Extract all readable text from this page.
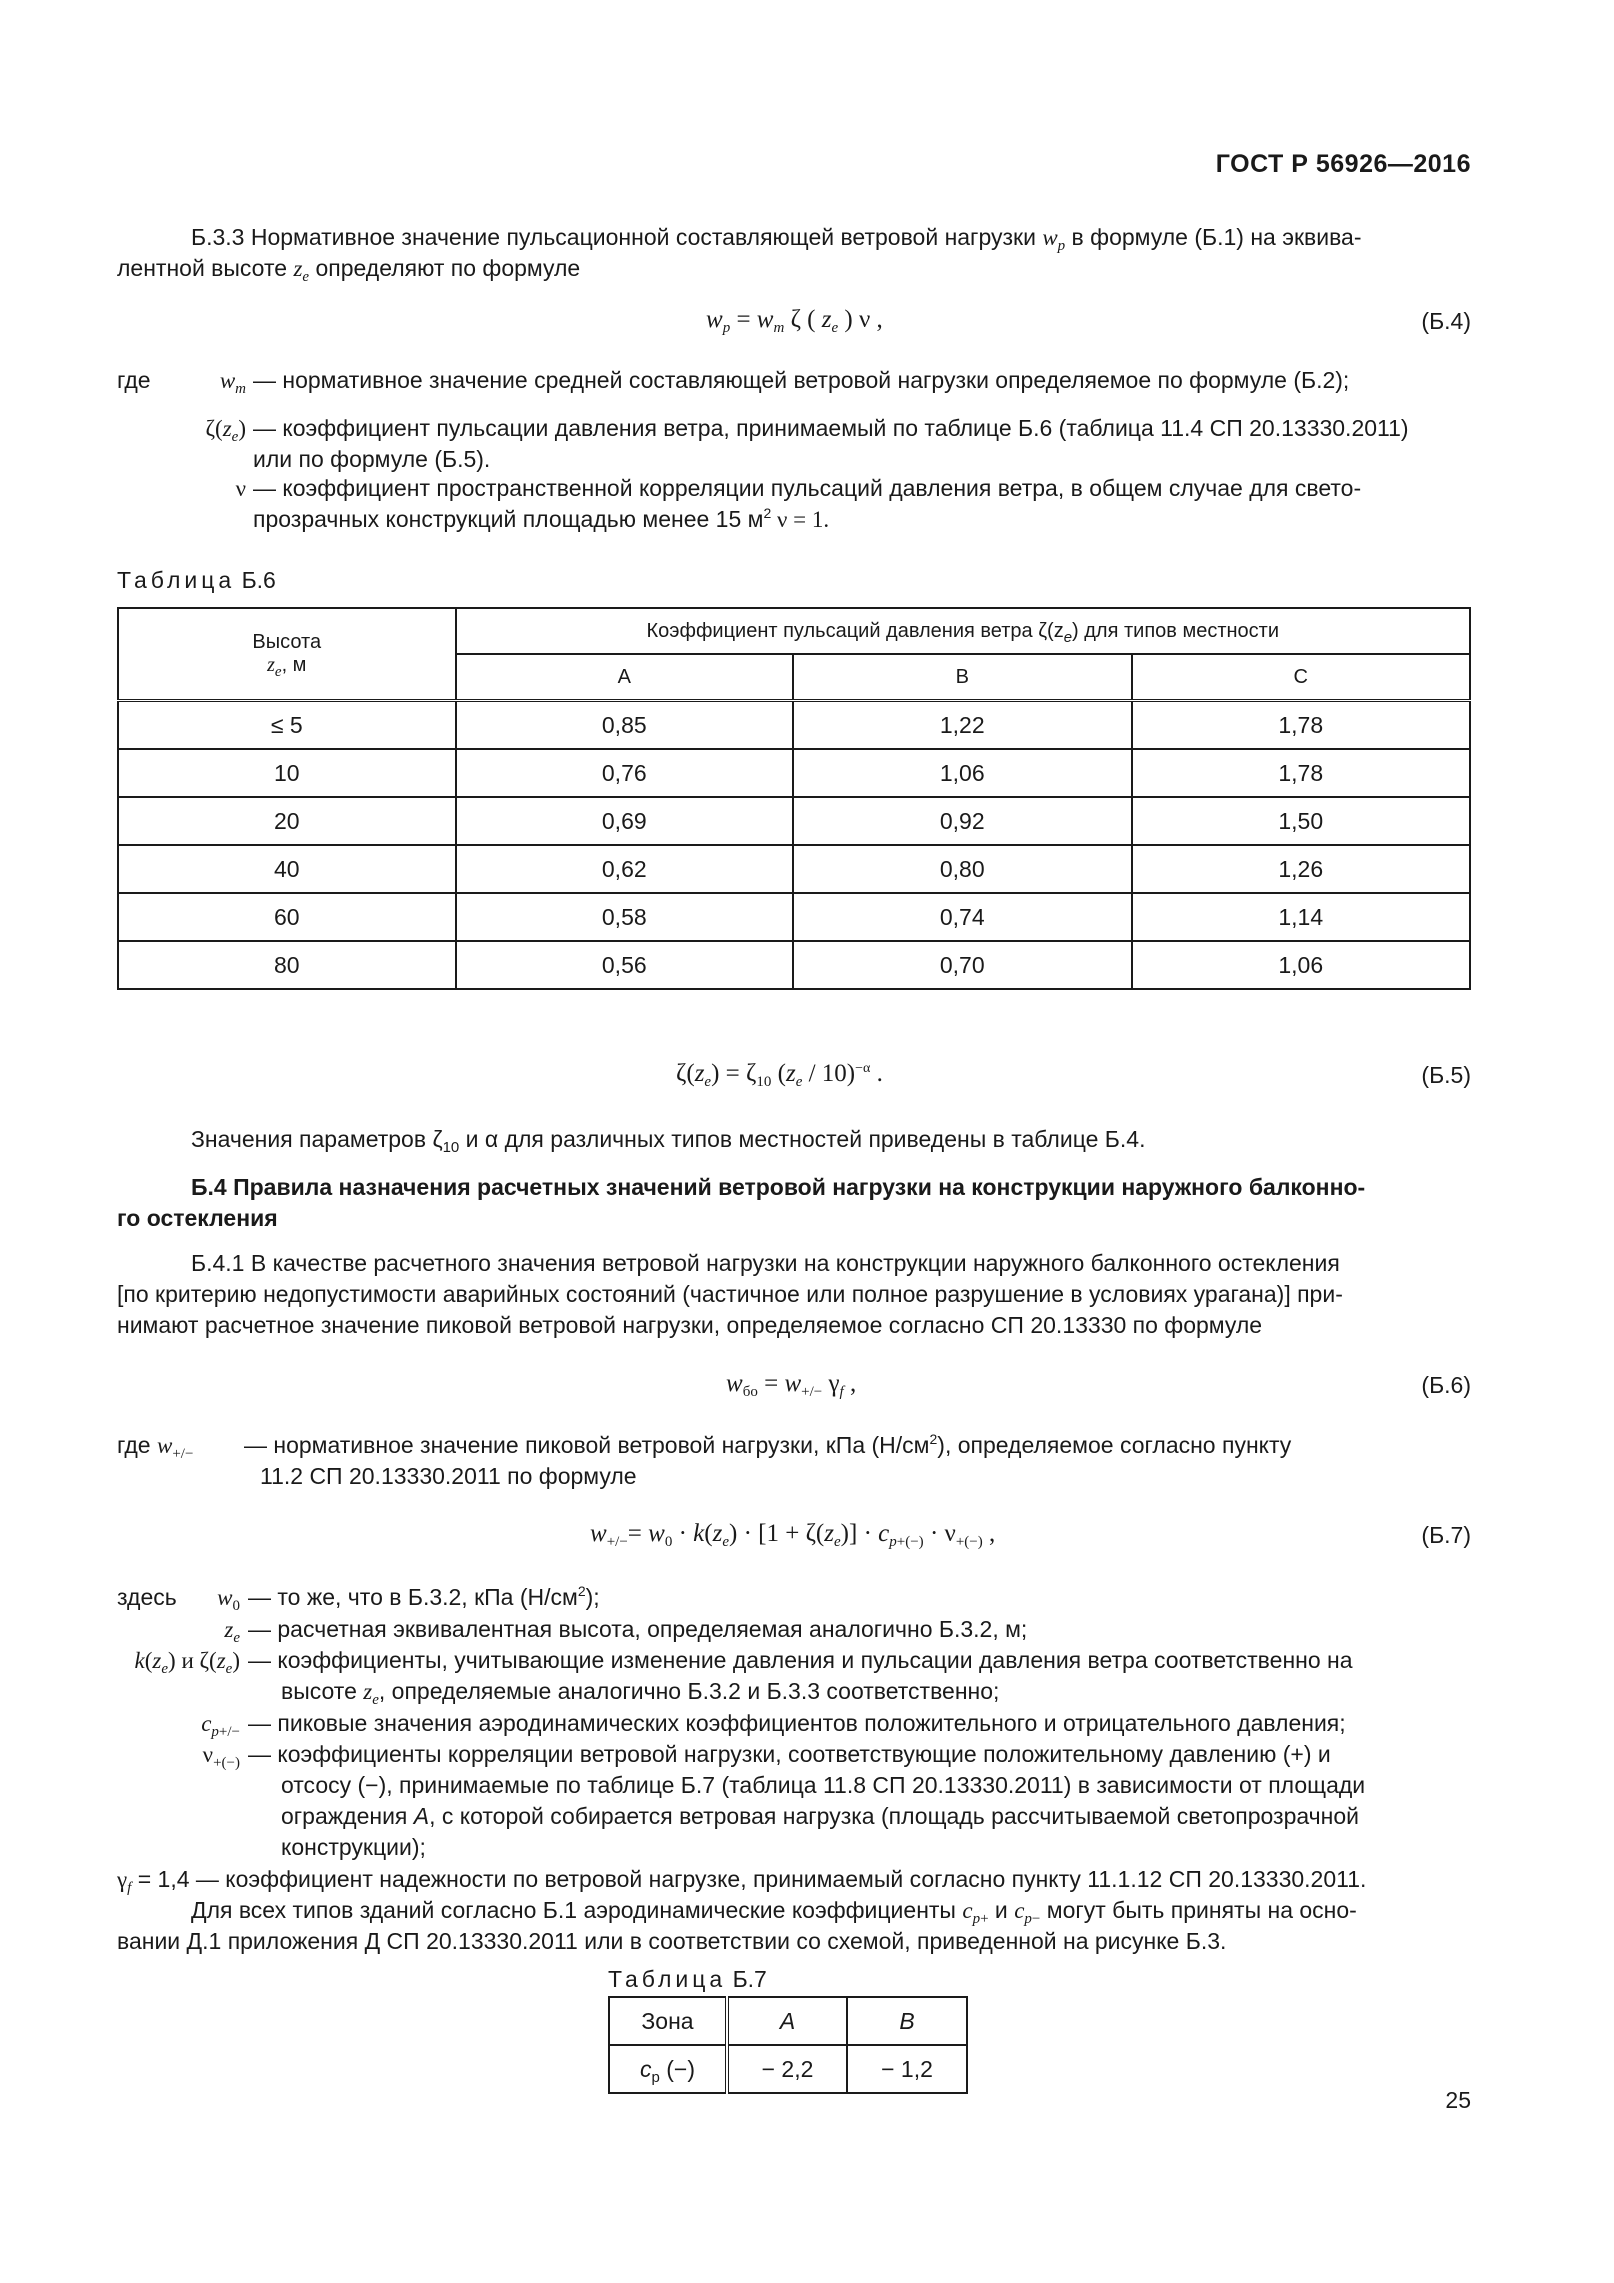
ГОСТ Р 56926—2016
Б.3.3 Нормативное значение пульсационной составляющей ветровой нагрузки $w_p$ в формуле (Б.1) на эквива-
лентной высоте $z_e$ определяют по формуле
$w_p = w_m$ ζ ( $z_e$ ) ν ,	(Б.4)
где	$w_m$ — нормативное значение средней составляющей ветровой нагрузки определяемое по формуле (Б.2);
$\zeta(z_e)$ — коэффициент пульсации давления ветра, принимаемый по таблице Б.6 (таблица 11.4 СП 20.13330.2011)
или по формуле (Б.5).
ν — коэффициент пространственной корреляции пульсаций давления ветра, в общем случае для свето-
прозрачных конструкций площадью менее 15 $м^2$ ν = 1.
Таблица Б.6
Высота
$z_e$, м	Коэффициент пульсаций давления ветра $\zeta(z_e)$ для типов местности		
	A	B	C
≤ 5	0,85	1,22	1,78
10	0,76	1,06	1,78
20	0,69	0,92	1,50
40	0,62	0,80	1,26
60	0,58	0,74	1,14
80	0,56	0,70	1,06
$\zeta(z_e) = \zeta_{10}$ $(z_e / 10)^{-\alpha}$ .	(Б.5)
Значения параметров $\zeta_{10}$ и α для различных типов местностей приведены в таблице Б.4.
Б.4 Правила назначения расчетных значений ветровой нагрузки на конструкции наружного балконно-
го остекления
Б.4.1 В качестве расчетного значения ветровой нагрузки на конструкции наружного балконного остекления
[по критерию недопустимости аварийных состояний (частичное или полное разрушение в условиях урагана)] при-
нимают расчетное значение пиковой ветровой нагрузки, определяемое согласно СП 20.13330 по формуле
$w_{бо} = w_{+/-}$ $\gamma_f$ ,	(Б.6)
где $w_{+/-}$ — нормативное значение пиковой ветровой нагрузки, кПа $(Н/см^2)$, определяемое согласно пункту
11.2 СП 20.13330.2011 по формуле
$w_{+/-}= w_0 \cdot k(z_e) \cdot [1 + \zeta(z_e)] \cdot c_{p+(-)} \cdot \nu_{+(-)}$ ,	(Б.7)
здесь	$w_0$ — то же, что в Б.3.2, кПа $(Н/см^2)$;
$z_e$ — расчетная эквивалентная высота, определяемая аналогично Б.3.2, м;
$k(z_e)$ и $\zeta(z_e)$ — коэффициенты, учитывающие изменение давления и пульсации давления ветра соответственно на
высоте $z_e$, определяемые аналогично Б.3.2 и Б.3.3 соответственно;
$c_{p+/-}$ — пиковые значения аэродинамических коэффициентов положительного и отрицательного давления;
$\nu_{+(-)}$ — коэффициенты корреляции ветровой нагрузки, соответствующие положительному давлению (+) и
отсосу (−), принимаемые по таблице Б.7 (таблица 11.8 СП 20.13330.2011) в зависимости от площади
ограждения A, с которой собирается ветровая нагрузка (площадь рассчитываемой светопрозрачной
конструкции);
$\gamma_f = 1,4$ — коэффициент надежности по ветровой нагрузке, принимаемый согласно пункту 11.1.12 СП 20.13330.2011.
Для всех типов зданий согласно Б.1 аэродинамические коэффициенты $c_{p+}$ и $c_{p-}$ могут быть приняты на осно-
вании Д.1 приложения Д СП 20.13330.2011 или в соответствии со схемой, приведенной на рисунке Б.3.
Таблица Б.7
Зона	A	B
$c_p$ (−)	− 2,2	− 1,2
25
